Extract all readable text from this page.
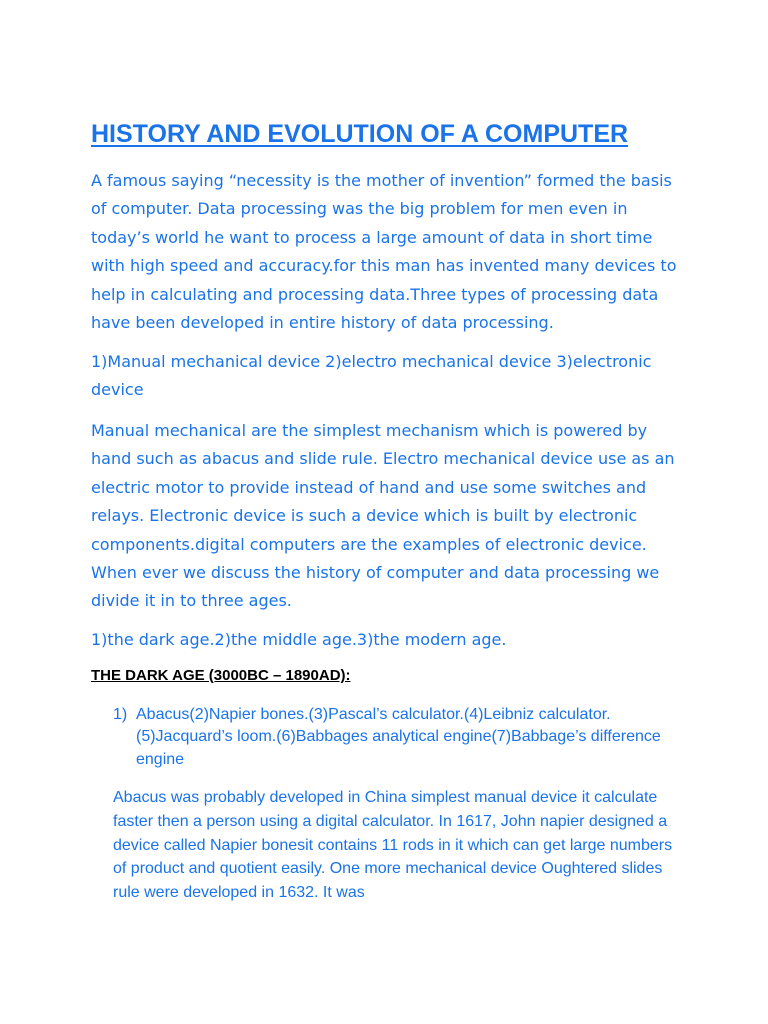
HISTORY AND EVOLUTION OF A COMPUTER

A famous saying “necessity is the mother of invention” formed the basis of computer. Data processing was the big problem for men even in today’s world he want to process a large amount of data in short time with high speed and accuracy.for this man has invented many devices to help in calculating and processing data.Three types of processing data have been developed in entire history of data processing.

1)Manual mechanical device 2)electro mechanical device 3)electronic device

Manual mechanical are the simplest mechanism which is powered by hand such as abacus and slide rule. Electro mechanical device use as an electric motor to provide instead of hand and use some switches and relays. Electronic device is such a device which is built by electronic components.digital computers are the examples of electronic device. When ever we discuss the history of computer and data processing we divide it in to three ages.

1)the dark age.2)the middle age.3)the modern age.

THE DARK AGE (3000BC – 1890AD):
1) Abacus(2)Napier bones.(3)Pascal’s calculator.(4)Leibniz calculator.(5)Jacquard’s loom.(6)Babbages analytical engine(7)Babbage’s difference engine

Abacus was probably developed in China simplest manual device it calculate faster then a person using a digital calculator. In 1617, John napier designed a device called Napier bonesit contains 11 rods in it which can get large numbers of product and quotient easily. One more mechanical device Oughtered slides rule were developed in 1632. It was
